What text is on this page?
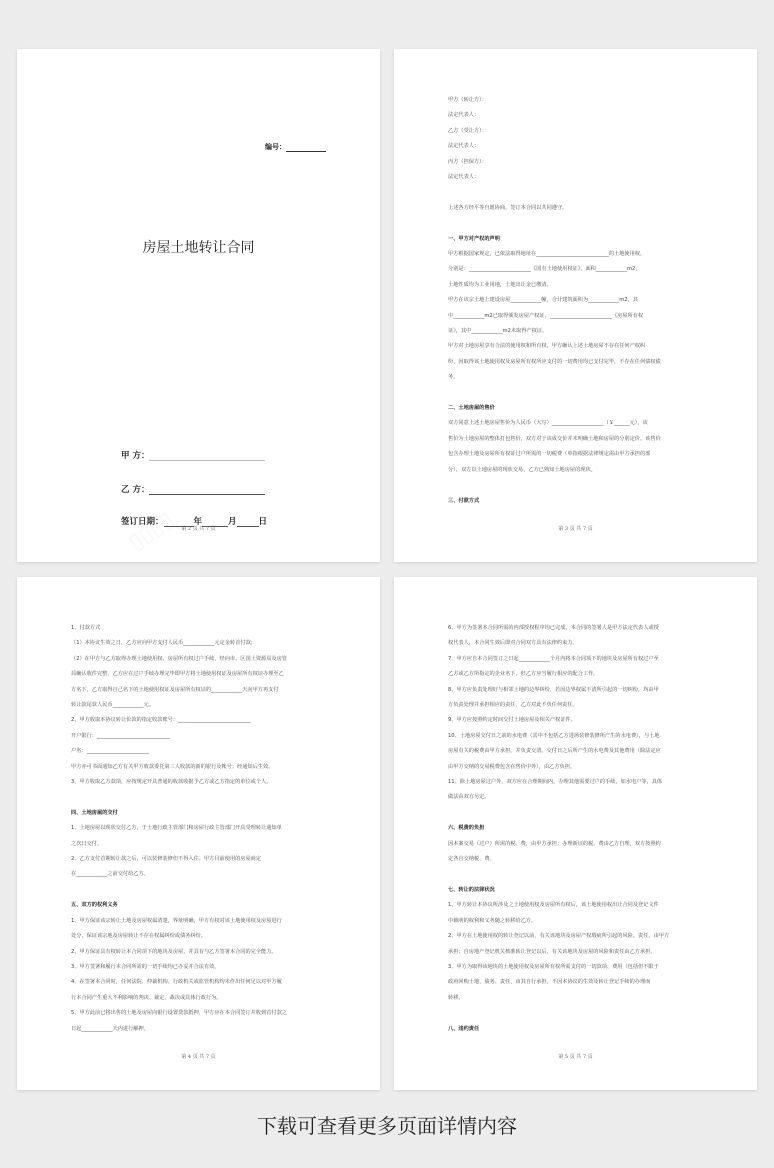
编号：
房屋土地转让合同
甲 方：
乙 方：
签订日期：	年	月	日
第 2 页 共 7 页

甲方（转让方）：

法定代表人：

乙方（受让方）：

法定代表人：

丙方（担保方）：

法定代表人：

上述各方经平等自愿协商，签订本合同以共同遵守。

一、甲方对产权的声明

甲方根据国家规定，已依法取得地址在____________________________的土地使用权，

分别是：________________________《国有土地使用权证》，面积____________m2，

土地性质均为工业用地，土地出让金已缴清。

甲方在该宗土地上建设房屋____________幢，合计建筑面积为____________m2，其

中____________m2已取得颁发房屋产权证，________________________《房屋所有权

证》，其中____________m2未取得产权证。

甲方对土地房屋享有合法的使用权和所有权，甲方确认上述土地房屋不存在任何产权纠

纷，因取得该土地使用权及房屋所有权所应支付的一切费用均已支付完毕，不存在任何债权债

务。

二、土地房屋的售价

双方同意上述土地房屋售价为人民币（大写）____________________（￥______元），该

售价为土地房屋的整体打包售价，双方对于该成交价并未明确土地和房屋的分别定价。该售价

包含办理土地及房屋所有权证过户所需的一切税费（单指根据法律规定需由甲方承担的部

分），双方以土地房屋的现状交易，乙方已熟知土地房屋的现状。

三、付款方式

第 3 页 共 7 页

1、付款方式

（1）本协议生效之日，乙方应向甲方支付人民币____________元定金转首付款；

（2）在甲方与乙方取得办理土地使用权、房屋所有权过户手续，经向市、区国土资源局及房管

局确认收件完整，乙方应在过户手续办理完毕即甲方将土地使用权证及房屋所有权证办理至乙

方名下，乙方取得自己名下的土地使用权证及房屋所有权证的____________天向甲方再支付

转让款尾款人民币____________元。

2、甲方收取本协议转让价款的指定收款账号：____________________________

开户银行：____________________________

户名：________________________

甲方亦可书面通知乙方有关甲方收款委托第三人收款的新的银行及帐号；经通知后生效。

3、甲方收取乙方款项，应按规定开具普通的收款收据予乙方或乙方指定的单位或个人。

四、土地房屋的交付

1、土地房屋以现状交付乙方，于土地行政主管部门和房屋行政主管部门开具受理转让通知单

之次日交付。

2、乙方支付首期转让款之后，可以装修装修但不得入住。甲方目前使用的房屋商定

在____________之前交付给乙方。

五、双方的权利义务

1、甲方保证该宗转让土地及房屋权属清楚，界址明确，甲方有权对该土地使用权及房屋进行

处分，保证该宗地及房屋转让不存在权属纠纷或债务纠纷。

2、甲方保证具有权转让本合同项下的地块及房屋，并具有与乙方签署本合同的完全能力。

3、甲方签署和履行本合同所需的一切手续均已办妥并合法有效。

4、在签署本合同时，任何法院、仲裁机构、行政机关或监管机构均未作出任何足以对甲方履

行本合同产生重大不利影响的判决、裁定、裁决或具体行政行为。

5、甲方此前已将出售的土地及房屋向银行设置贷款抵押，甲方应在本合同签订并收到首付款之

日起____________天内进行解押。

第 4 页 共 7 页

6、甲方为签署本合同所需的内部授权程序均已完成，本合同的签署人是甲方法定代表人或授

权代表人，本合同生效后即对合同双方具有法律约束力。

7、甲方应自本合同签订之日起____________个月内将本合同项下的地块及房屋所有权过户至

乙方或乙方所指定的企业名下，但乙方应当履行相应的配合工作。

8、甲方应负责处理好与相邻土地的边界纠纷，若因边界权属不清所引起的一切纠纷，均由甲

方负责处理并承担相应的责任，乙方对此不负任何责任。

9、甲方应按照约定时间交付土地房屋及相关产权证件。

10、土地房屋交付日之前的水电费（其中不包括乙方进场装修装修所产生的水电费），与土地

房屋有关的税费由甲方承担，并负责交清。交付日之后所产生的水电费及其他费用（除法定应

由甲方交纳的交易税费包含在售价中外），由乙方负担。

11、除土地房屋过户外，双方应在合理期间内，办理其他需要过户的手续，如水电户等，具体

做法由双方另定。

六、税费的负担

因本案交易（过户）所需的税、费，由甲方承担；办理新证的税、费由乙方自理，双方按照约

定各自交纳税、费。

七、转让的法律状况

1、甲方转让本协议所涉及之土地使用权及房屋所有权后，该土地使用权出让合同及登记文件

中载明的权利和义务随之转移给乙方。

2、甲方在土地使用权的转让登记以前，有关该地块及房屋产权瑕疵所引起的风险、责任，由甲方

承担；自房地产登记机关核准转让登记以后，有关该地块及房屋的风险和责任由乙方承担。

3、甲方为取得该地块的土地使用权及房屋所有权所需支付的一切款项、费用（包括但不限于

政府回购土地、债务、责任，由其自行承担，不因本协议的生效及转让登记手续的办理而

转移。

八、违约责任

第 5 页 共 7 页
下载可查看更多页面详情内容
